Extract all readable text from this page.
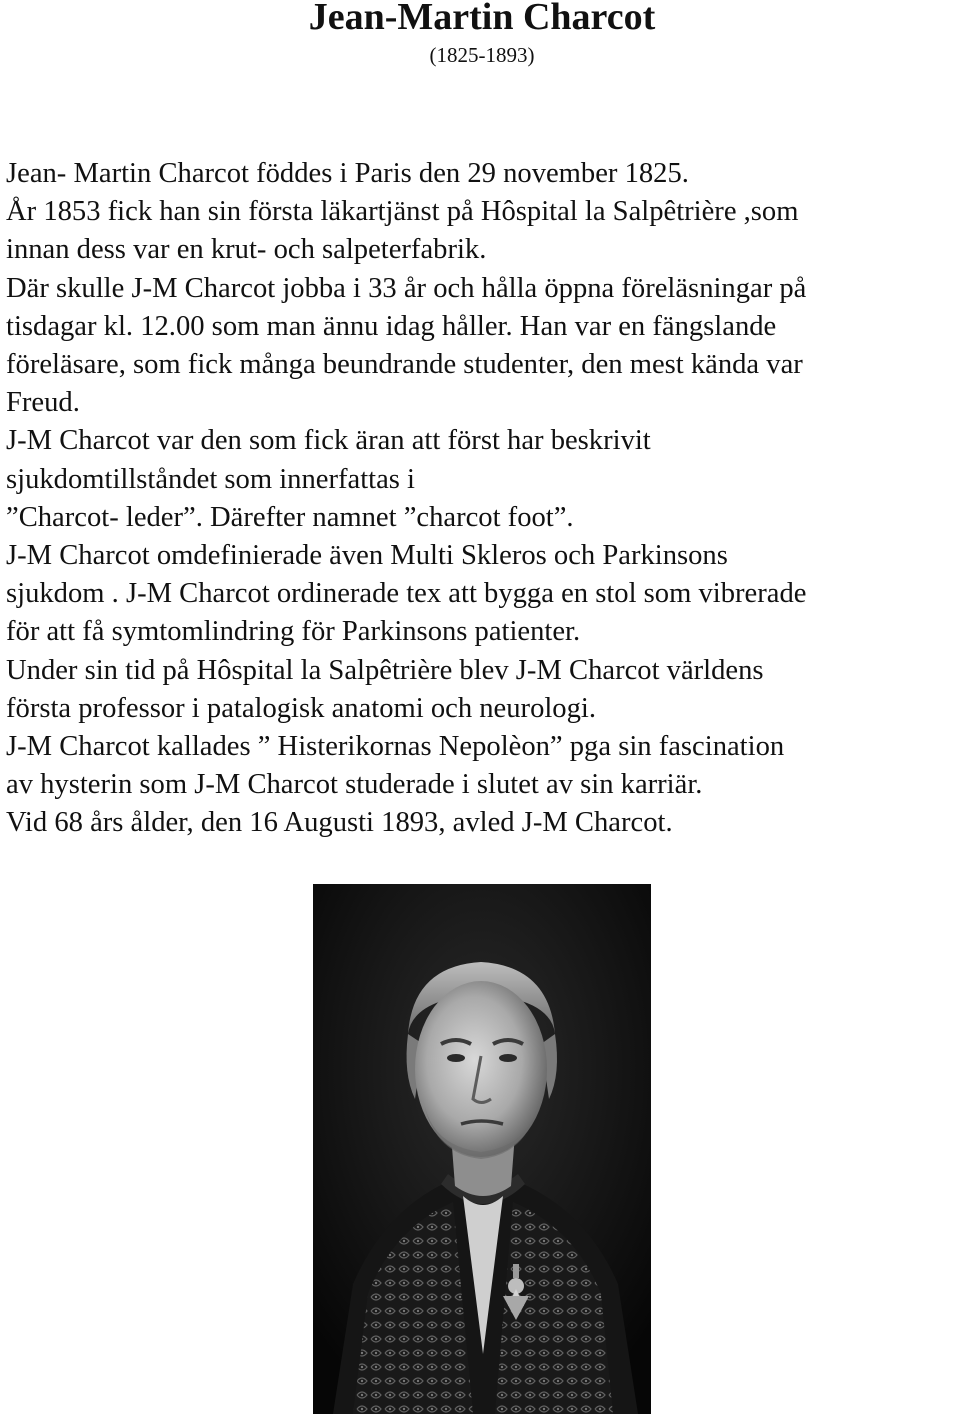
Jean-Martin Charcot
(1825-1893)
Jean- Martin Charcot föddes i Paris den 29 november 1825.
År 1853 fick han sin första läkartjänst på Hôspital la Salpêtrière ,som
innan dess var en krut- och salpeterfabrik.
Där skulle J-M Charcot jobba i 33 år och hålla öppna föreläsningar på
tisdagar kl. 12.00 som man ännu idag håller. Han var en fängslande
föreläsare, som fick många beundrande studenter, den mest kända var
Freud.
J-M Charcot var den som fick äran att först har beskrivit
sjukdomtillståndet som innerfattas i
”Charcot- leder”. Därefter namnet ”charcot foot”.
J-M Charcot omdefinierade även Multi Skleros och Parkinsons
sjukdom . J-M Charcot ordinerade tex att bygga en stol som vibrerade
för att få symtomlindring för Parkinsons patienter.
Under sin tid på Hôspital la Salpêtrière blev J-M Charcot världens
första professor i patalogisk anatomi och neurologi.
J-M Charcot kallades ” Histerikornas Nepolèon” pga sin fascination
av hysterin som J-M Charcot studerade i slutet av sin karriär.
Vid 68 års ålder, den 16 Augusti 1893, avled J-M Charcot.
